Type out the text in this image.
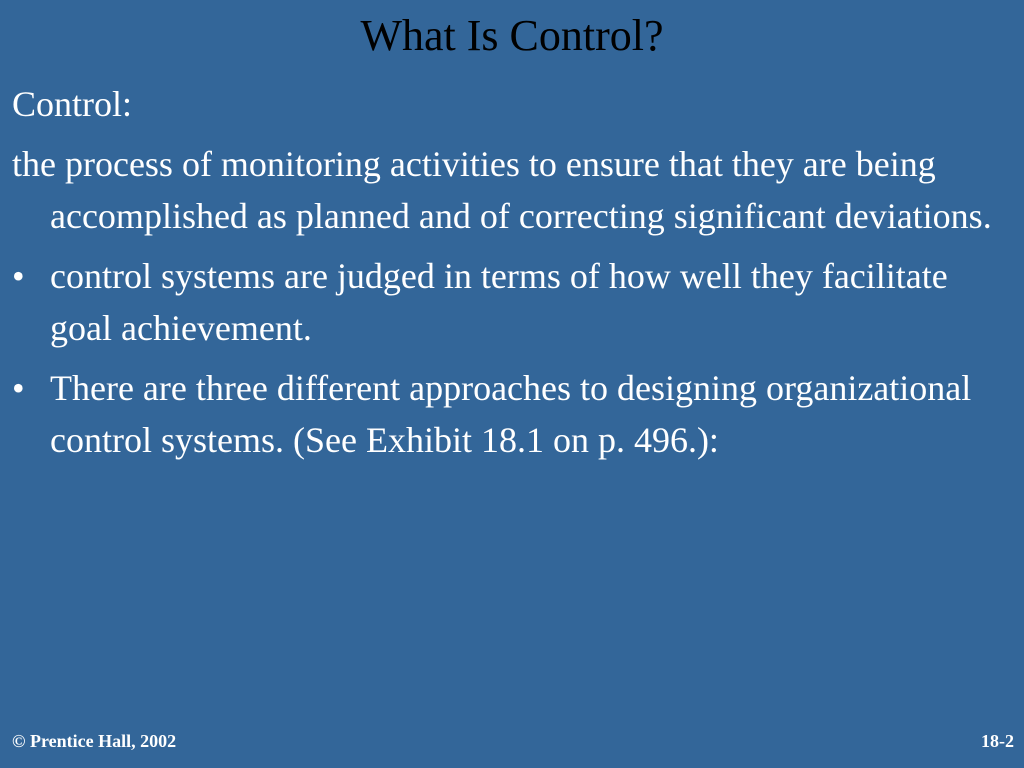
What Is Control?

Control:

the process of monitoring activities to ensure that they are being accomplished as planned and of correcting significant deviations.

• control systems are judged in terms of how well they facilitate goal achievement.
• There are three different approaches to designing organizational control systems. (See Exhibit 18.1 on p. 496.):
© Prentice Hall, 2002	18-2
